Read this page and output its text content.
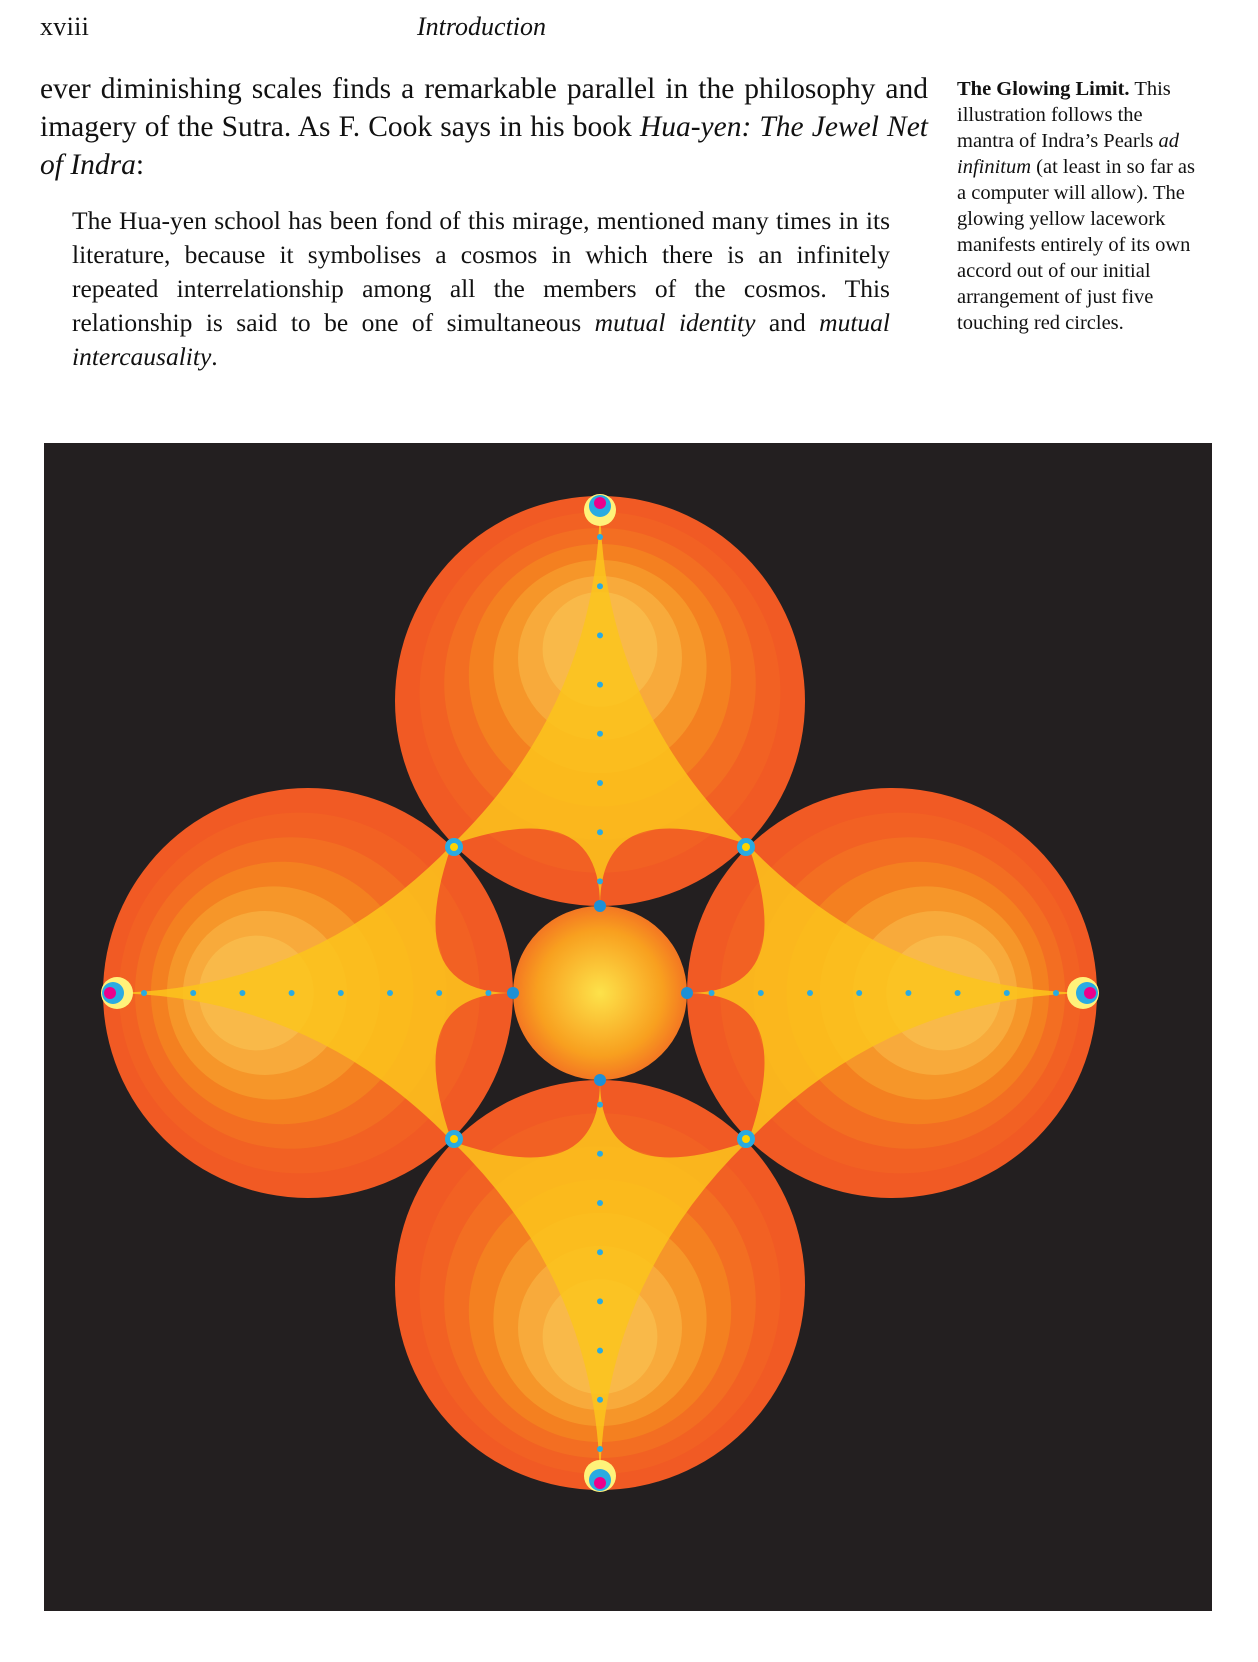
xviii	Introduction

ever diminishing scales finds a remarkable parallel in the philosophy and imagery of the Sutra. As F. Cook says in his book Hua-yen: The Jewel Net of Indra:

The Hua-yen school has been fond of this mirage, mentioned many times in its literature, because it symbolises a cosmos in which there is an infinitely repeated interrelationship among all the members of the cosmos. This relationship is said to be one of simultaneous mutual identity and mutual intercausality.

The Glowing Limit. This illustration follows the mantra of Indra’s Pearls ad infinitum (at least in so far as a computer will allow). The glowing yellow lacework manifests entirely of its own accord out of our initial arrangement of just five touching red circles.
